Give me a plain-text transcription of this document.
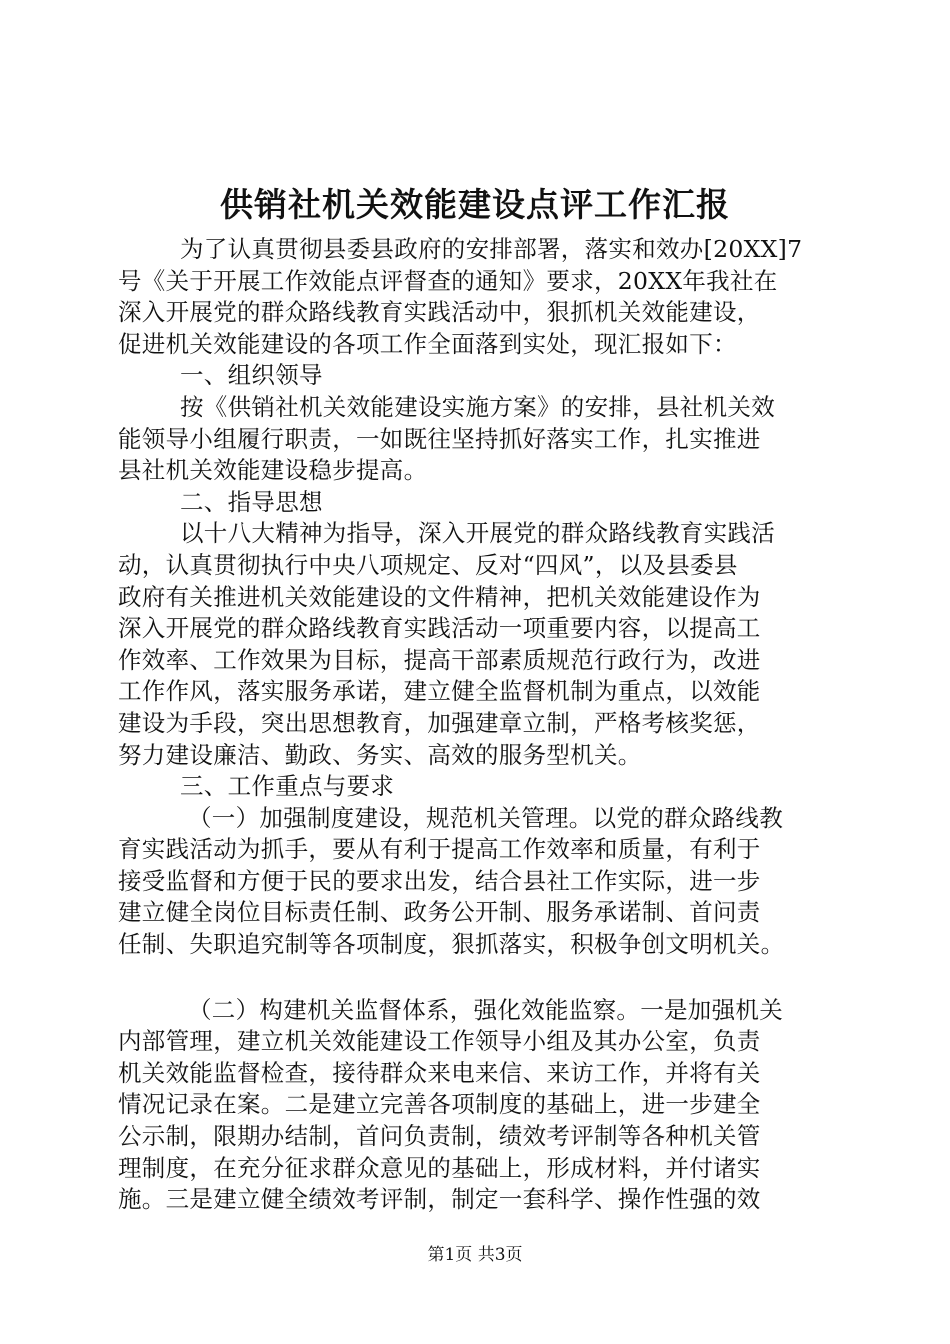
供销社机关效能建设点评工作汇报
为了认真贯彻县委县政府的安排部署，落实和效办[20XX]7
号《关于开展工作效能点评督查的通知》要求，20XX年我社在
深入开展党的群众路线教育实践活动中，狠抓机关效能建设，
促进机关效能建设的各项工作全面落到实处，现汇报如下：
一、组织领导
按《供销社机关效能建设实施方案》的安排，县社机关效
能领导小组履行职责，一如既往坚持抓好落实工作，扎实推进
县社机关效能建设稳步提高。
二、指导思想
以十八大精神为指导，深入开展党的群众路线教育实践活
动，认真贯彻执行中央八项规定、反对“四风”，以及县委县
政府有关推进机关效能建设的文件精神，把机关效能建设作为
深入开展党的群众路线教育实践活动一项重要内容，以提高工
作效率、工作效果为目标，提高干部素质规范行政行为，改进
工作作风，落实服务承诺，建立健全监督机制为重点，以效能
建设为手段，突出思想教育，加强建章立制，严格考核奖惩，
努力建设廉洁、勤政、务实、高效的服务型机关。
三、工作重点与要求
（一）加强制度建设，规范机关管理。以党的群众路线教
育实践活动为抓手，要从有利于提高工作效率和质量，有利于
接受监督和方便于民的要求出发，结合县社工作实际，进一步
建立健全岗位目标责任制、政务公开制、服务承诺制、首问责
任制、失职追究制等各项制度，狠抓落实，积极争创文明机关。
（二）构建机关监督体系，强化效能监察。一是加强机关
内部管理，建立机关效能建设工作领导小组及其办公室，负责
机关效能监督检查，接待群众来电来信、来访工作，并将有关
情况记录在案。二是建立完善各项制度的基础上，进一步建全
公示制，限期办结制，首问负责制，绩效考评制等各种机关管
理制度，在充分征求群众意见的基础上，形成材料，并付诸实
施。三是建立健全绩效考评制，制定一套科学、操作性强的效
第1页 共3页
